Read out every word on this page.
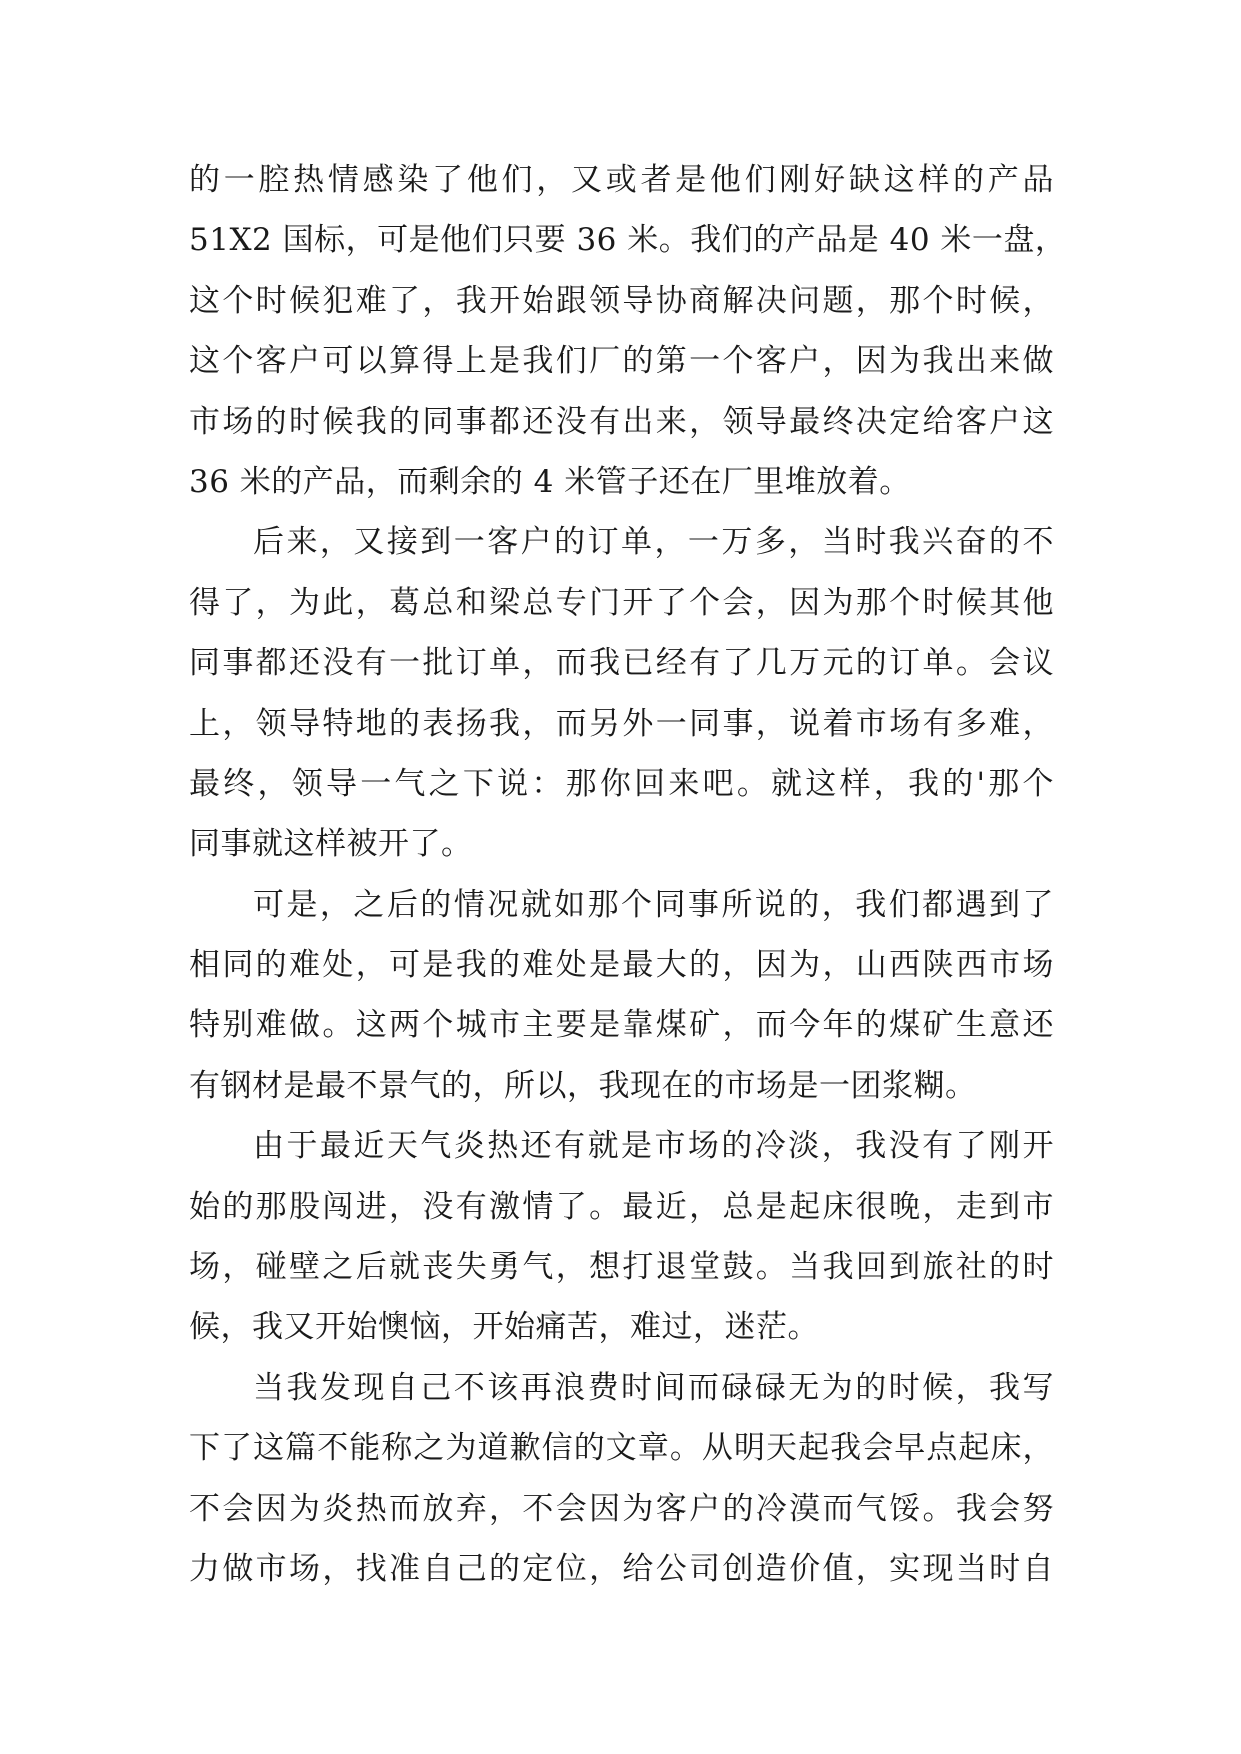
的一腔热情感染了他们，又或者是他们刚好缺这样的产品
51X2 国标，可是他们只要 36 米。我们的产品是 40 米一盘，
这个时候犯难了，我开始跟领导协商解决问题，那个时候，
这个客户可以算得上是我们厂的第一个客户，因为我出来做
市场的时候我的同事都还没有出来，领导最终决定给客户这
36 米的产品，而剩余的 4 米管子还在厂里堆放着。
后来，又接到一客户的订单，一万多，当时我兴奋的不
得了，为此，葛总和梁总专门开了个会，因为那个时候其他
同事都还没有一批订单，而我已经有了几万元的订单。会议
上，领导特地的表扬我，而另外一同事，说着市场有多难，
最终，领导一气之下说：那你回来吧。就这样，我的'那个
同事就这样被开了。
可是，之后的情况就如那个同事所说的，我们都遇到了
相同的难处，可是我的难处是最大的，因为，山西陕西市场
特别难做。这两个城市主要是靠煤矿，而今年的煤矿生意还
有钢材是最不景气的，所以，我现在的市场是一团浆糊。
由于最近天气炎热还有就是市场的冷淡，我没有了刚开
始的那股闯进，没有激情了。最近，总是起床很晚，走到市
场，碰壁之后就丧失勇气，想打退堂鼓。当我回到旅社的时
候，我又开始懊恼，开始痛苦，难过，迷茫。
当我发现自己不该再浪费时间而碌碌无为的时候，我写
下了这篇不能称之为道歉信的文章。从明天起我会早点起床，
不会因为炎热而放弃，不会因为客户的冷漠而气馁。我会努
力做市场，找准自己的定位，给公司创造价值，实现当时自
